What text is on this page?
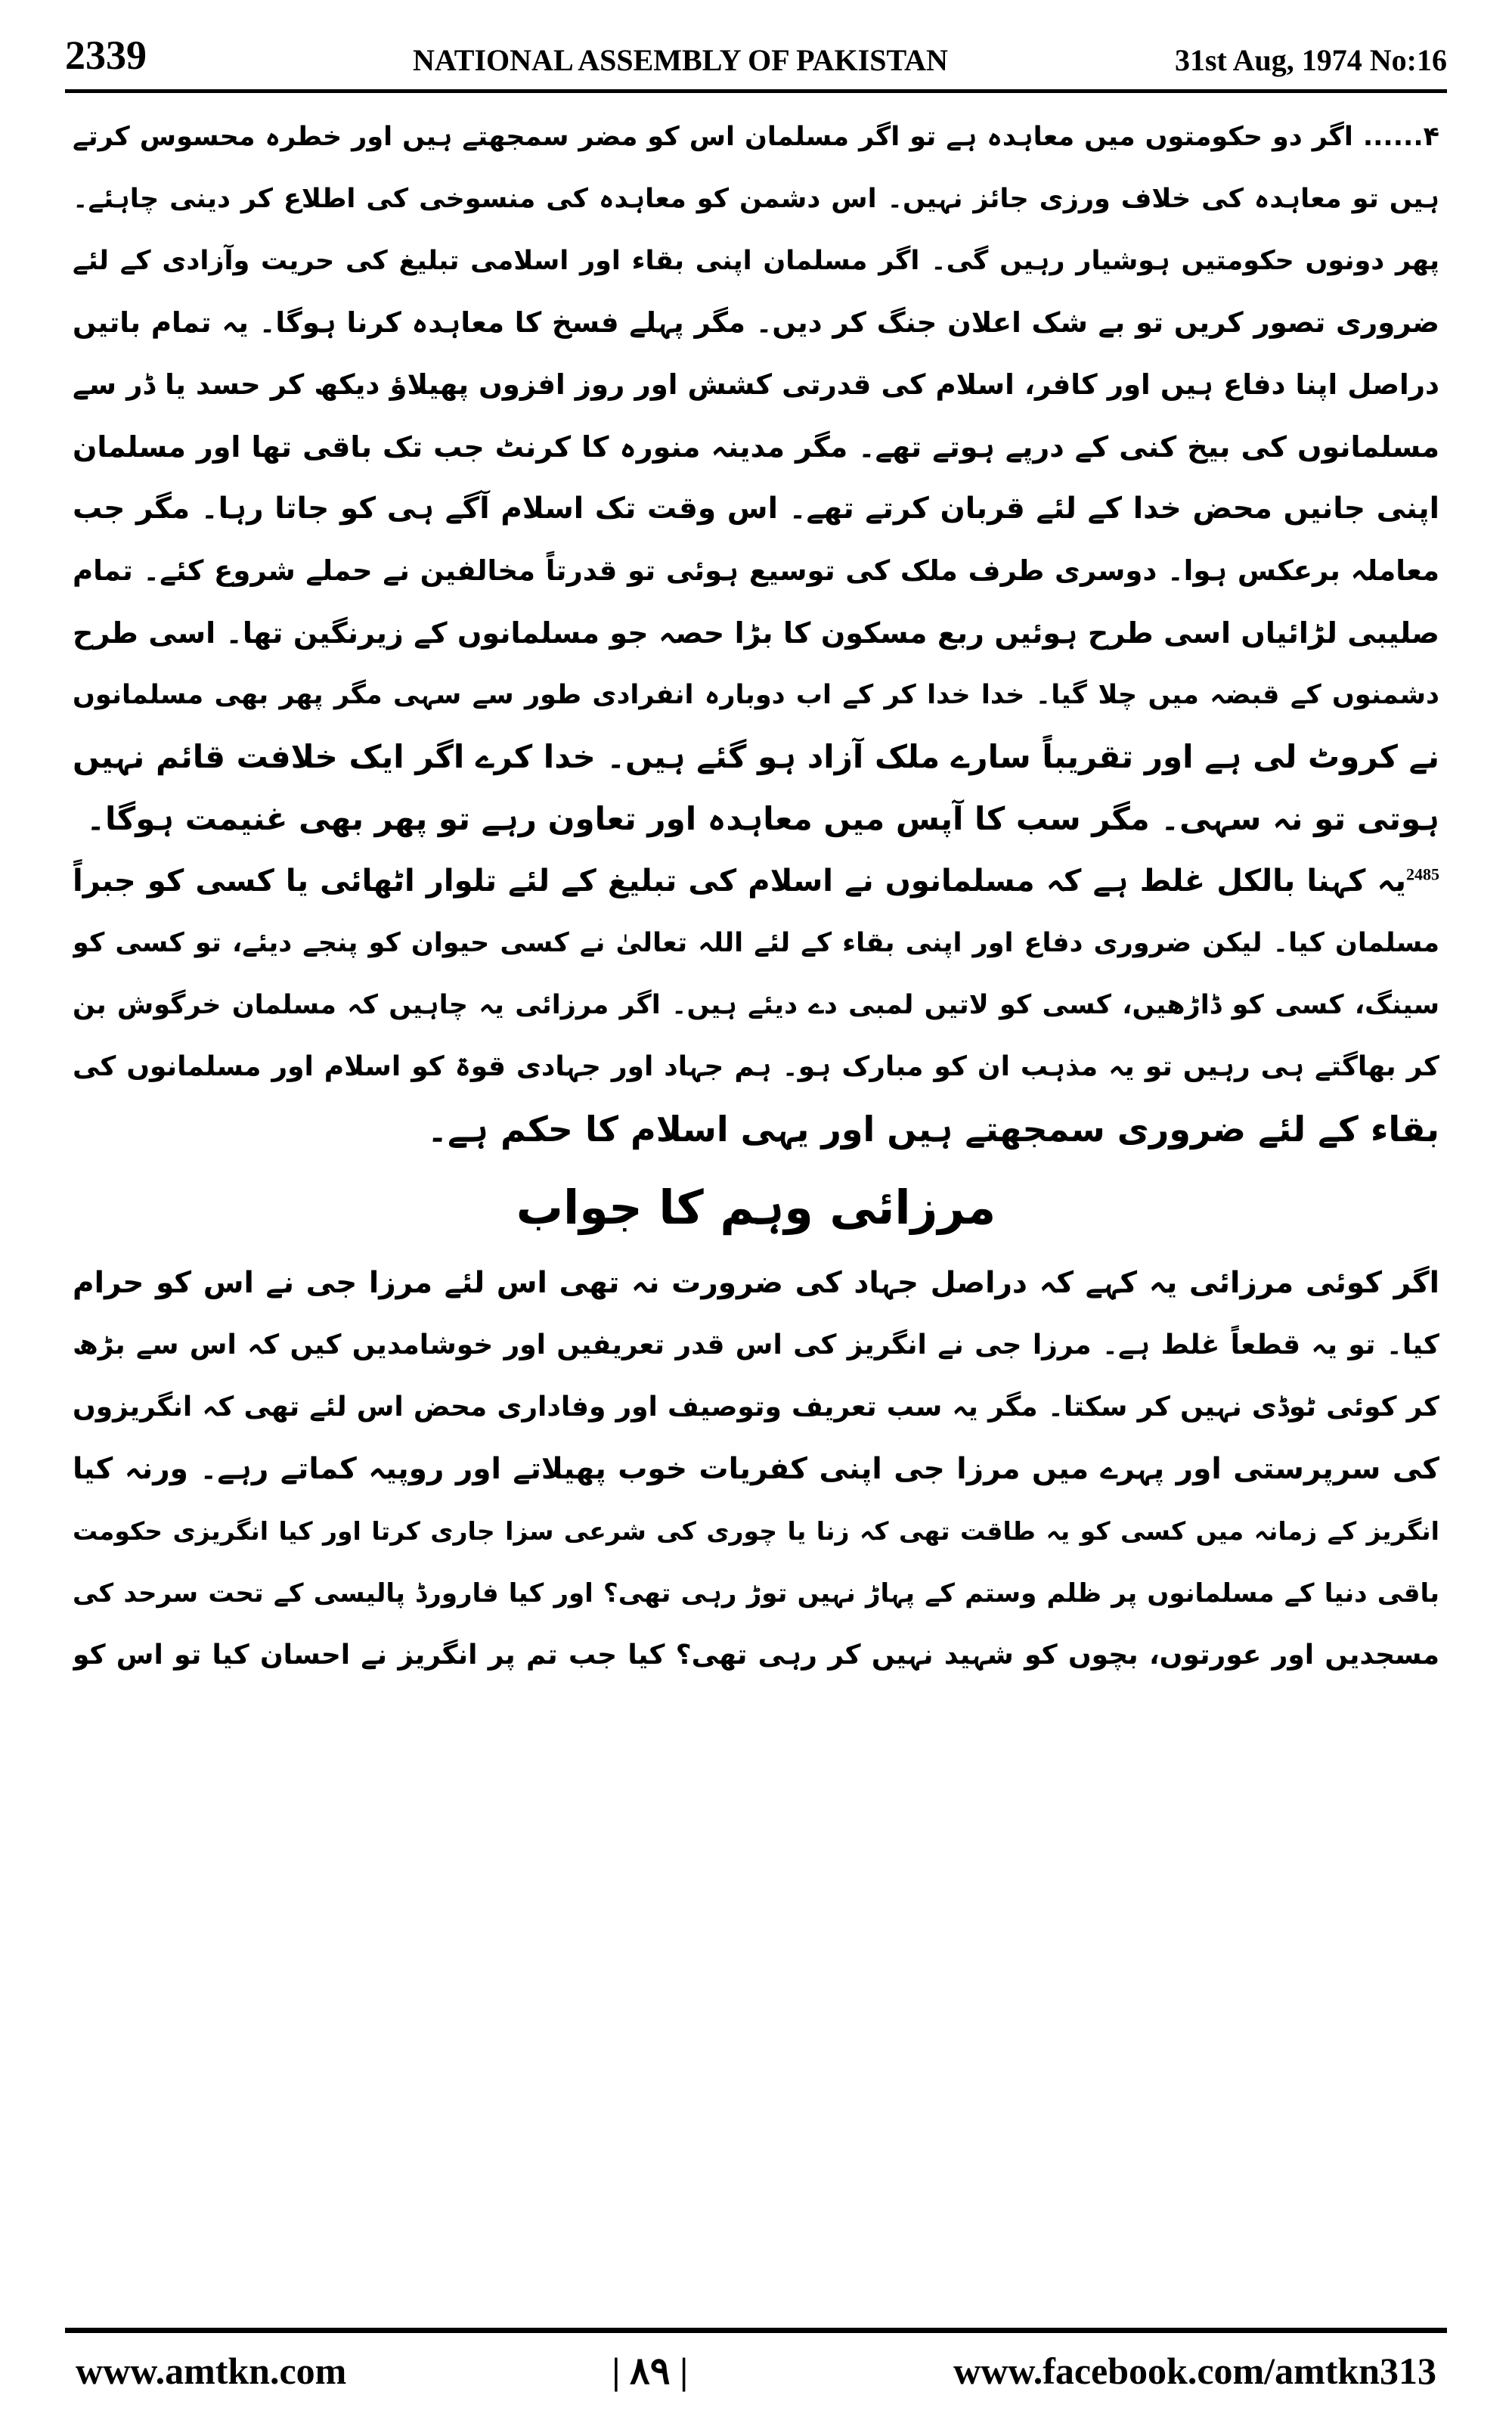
2339	NATIONAL ASSEMBLY OF PAKISTAN	31st Aug, 1974 No:16
۴...... اگر دو حکومتوں میں معاہدہ ہے تو اگر مسلمان اس کو مضر سمجھتے ہیں اور خطرہ محسوس کرتے
ہیں تو معاہدہ کی خلاف ورزی جائز نہیں۔ اس دشمن کو معاہدہ کی منسوخی کی اطلاع کر دینی چاہئے۔
پھر دونوں حکومتیں ہوشیار رہیں گی۔ اگر مسلمان اپنی بقاء اور اسلامی تبلیغ کی حریت وآزادی کے لئے
ضروری تصور کریں تو بے شک اعلان جنگ کر دیں۔ مگر پہلے فسخ کا معاہدہ کرنا ہوگا۔ یہ تمام باتیں
دراصل اپنا دفاع ہیں اور کافر، اسلام کی قدرتی کشش اور روز افزوں پھیلاؤ دیکھ کر حسد یا ڈر سے
مسلمانوں کی بیخ کنی کے درپے ہوتے تھے۔ مگر مدینہ منورہ کا کرنٹ جب تک باقی تھا اور مسلمان
اپنی جانیں محض خدا کے لئے قربان کرتے تھے۔ اس وقت تک اسلام آگے ہی کو جاتا رہا۔ مگر جب
معاملہ برعکس ہوا۔ دوسری طرف ملک کی توسیع ہوئی تو قدرتاً مخالفین نے حملے شروع کئے۔ تمام
صلیبی لڑائیاں اسی طرح ہوئیں ربع مسکون کا بڑا حصہ جو مسلمانوں کے زیرنگین تھا۔ اسی طرح
دشمنوں کے قبضہ میں چلا گیا۔ خدا خدا کر کے اب دوبارہ انفرادی طور سے سہی مگر پھر بھی مسلمانوں
نے کروٹ لی ہے اور تقریباً سارے ملک آزاد ہو گئے ہیں۔ خدا کرے اگر ایک خلافت قائم نہیں
ہوتی تو نہ سہی۔ مگر سب کا آپس میں معاہدہ اور تعاون رہے تو پھر بھی غنیمت ہوگا۔
$^{2485}$یہ کہنا بالکل غلط ہے کہ مسلمانوں نے اسلام کی تبلیغ کے لئے تلوار اٹھائی یا کسی کو جبراً
مسلمان کیا۔ لیکن ضروری دفاع اور اپنی بقاء کے لئے اللہ تعالیٰ نے کسی حیوان کو پنجے دیئے، تو کسی کو
سینگ، کسی کو ڈاڑھیں، کسی کو لاتیں لمبی دے دیئے ہیں۔ اگر مرزائی یہ چاہیں کہ مسلمان خرگوش بن
کر بھاگتے ہی رہیں تو یہ مذہب ان کو مبارک ہو۔ ہم جہاد اور جہادی قوۃ کو اسلام اور مسلمانوں کی
بقاء کے لئے ضروری سمجھتے ہیں اور یہی اسلام کا حکم ہے۔
مرزائی وہم کا جواب
اگر کوئی مرزائی یہ کہے کہ دراصل جہاد کی ضرورت نہ تھی اس لئے مرزا جی نے اس کو حرام
کیا۔ تو یہ قطعاً غلط ہے۔ مرزا جی نے انگریز کی اس قدر تعریفیں اور خوشامدیں کیں کہ اس سے بڑھ
کر کوئی ٹوڈی نہیں کر سکتا۔ مگر یہ سب تعریف وتوصیف اور وفاداری محض اس لئے تھی کہ انگریزوں
کی سرپرستی اور پہرے میں مرزا جی اپنی کفریات خوب پھیلاتے اور روپیہ کماتے رہے۔ ورنہ کیا
انگریز کے زمانہ میں کسی کو یہ طاقت تھی کہ زنا یا چوری کی شرعی سزا جاری کرتا اور کیا انگریزی حکومت
باقی دنیا کے مسلمانوں پر ظلم وستم کے پہاڑ نہیں توڑ رہی تھی؟ اور کیا فارورڈ پالیسی کے تحت سرحد کی
مسجدیں اور عورتوں، بچوں کو شہید نہیں کر رہی تھی؟ کیا جب تم پر انگریز نے احسان کیا تو اس کو
www.amtkn.com	| ۸۹ |	www.facebook.com/amtkn313
